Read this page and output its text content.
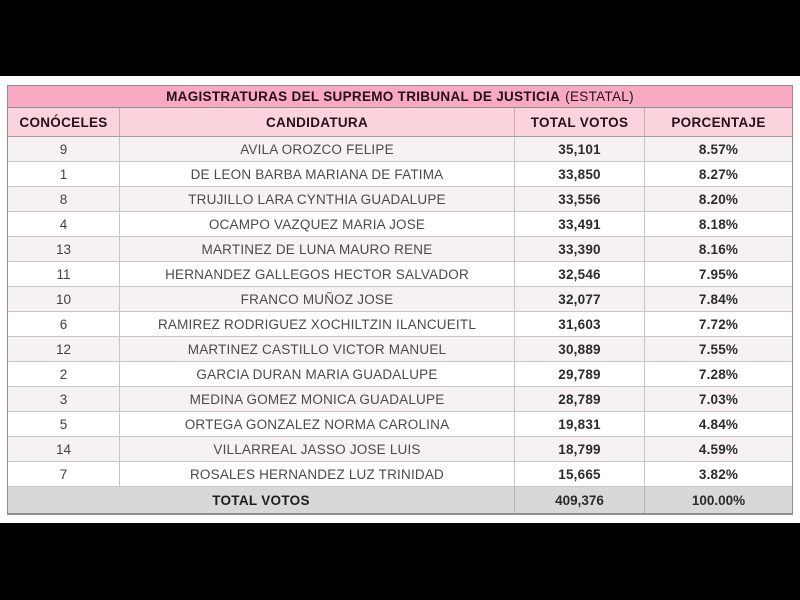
MAGISTRATURAS DEL SUPREMO TRIBUNAL DE JUSTICIA (ESTATAL)
CONÓCELES	CANDIDATURA	TOTAL VOTOS	PORCENTAJE
9	AVILA OROZCO FELIPE	35,101	8.57%
1	DE LEON BARBA MARIANA DE FATIMA	33,850	8.27%
8	TRUJILLO LARA CYNTHIA GUADALUPE	33,556	8.20%
4	OCAMPO VAZQUEZ MARIA JOSE	33,491	8.18%
13	MARTINEZ DE LUNA MAURO RENE	33,390	8.16%
11	HERNANDEZ GALLEGOS HECTOR SALVADOR	32,546	7.95%
10	FRANCO MUÑOZ JOSE	32,077	7.84%
6	RAMIREZ RODRIGUEZ XOCHILTZIN ILANCUEITL	31,603	7.72%
12	MARTINEZ CASTILLO VICTOR MANUEL	30,889	7.55%
2	GARCIA DURAN MARIA GUADALUPE	29,789	7.28%
3	MEDINA GOMEZ MONICA GUADALUPE	28,789	7.03%
5	ORTEGA GONZALEZ NORMA CAROLINA	19,831	4.84%
14	VILLARREAL JASSO JOSE LUIS	18,799	4.59%
7	ROSALES HERNANDEZ LUZ TRINIDAD	15,665	3.82%
TOTAL VOTOS	409,376	100.00%
